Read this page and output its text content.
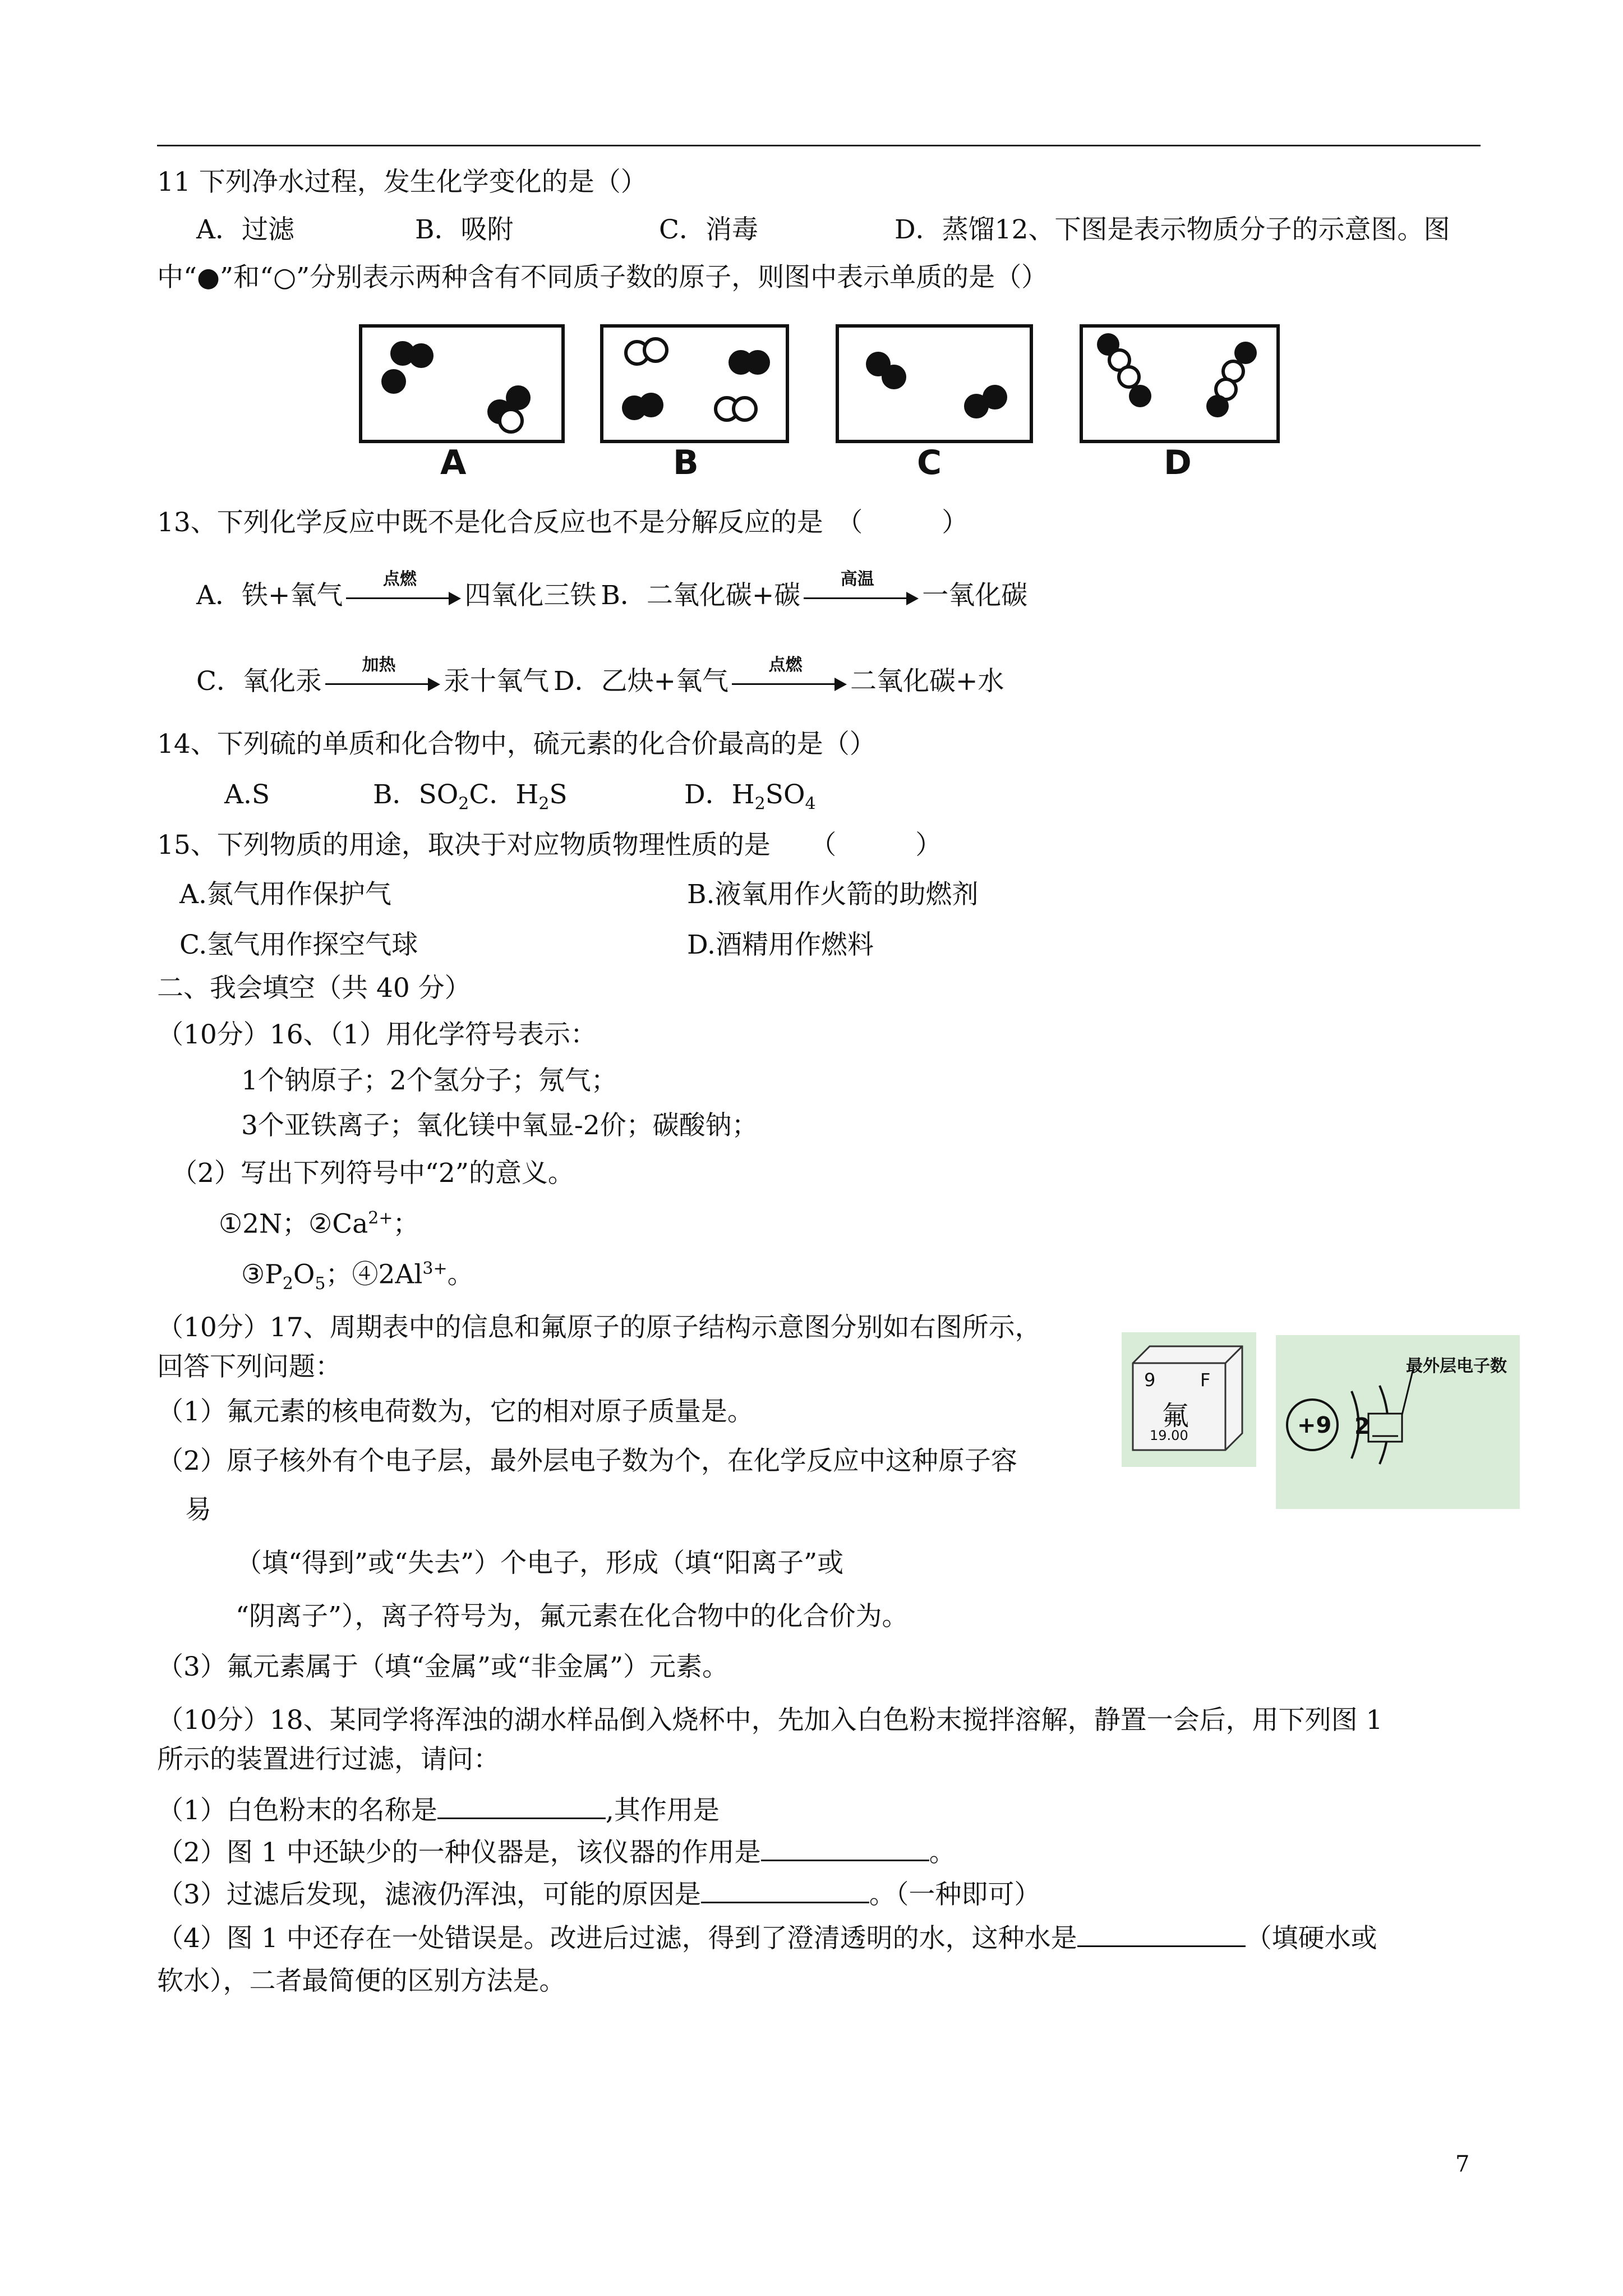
11 下列净水过程，发生化学变化的是（）
A．过滤	B．吸附	C．消毒	D．蒸馏12、下图是表示物质分子的示意图。图
中“●”和“○”分别表示两种含有不同质子数的原子，则图中表示单质的是（）
A	B	C	D
13、下列化学反应中既不是化合反应也不是分解反应的是　（　　　）
A．铁+氧气
点燃
四氧化三铁 B．二氧化碳+碳
高温
一氧化碳
C．氧化汞
加热
汞十氧气 D．乙炔+氧气
点燃
二氧化碳+水
14、下列硫的单质和化合物中，硫元素的化合价最高的是（）
A.S	B．$SO_2C$．$H_2S$	D．$H_2SO_4$
15、下列物质的用途，取决于对应物质物理性质的是　　（　　　）
A.氮气用作保护气	B.液氧用作火箭的助燃剂
C.氢气用作探空气球	D.酒精用作燃料
二、我会填空（共 40 分）
（10分）16、（1）用化学符号表示：
1个钠原子；2个氢分子；氖气；
3个亚铁离子；氧化镁中氧显-2价；碳酸钠；
（2）写出下列符号中“2”的意义。
①2N；$②Ca^{2+}$；
$③P_2O_5$；$④2Al^{3+}$。
（10分）17、周期表中的信息和氟原子的原子结构示意图分别如右图所示，
回答下列问题：
（1）氟元素的核电荷数为，它的相对原子质量是。
（2）原子核外有个电子层，最外层电子数为个，在化学反应中这种原子容
易
（填“得到”或“失去”）个电子，形成（填“阳离子”或
“阴离子”），离子符号为，氟元素在化合物中的化合价为。
（3）氟元素属于（填“金属”或“非金属”）元素。
9 F
氟
19.00	+9 2
最外层电子数
（10分）18、某同学将浑浊的湖水样品倒入烧杯中，先加入白色粉末搅拌溶解，静置一会后，用下列图 1
所示的装置进行过滤，请问：
（1）白色粉末的名称是	,其作用是
（2）图 1 中还缺少的一种仪器是，该仪器的作用是	。
（3）过滤后发现，滤液仍浑浊，可能的原因是	。（一种即可）
（4）图 1 中还存在一处错误是。改进后过滤，得到了澄清透明的水，这种水是	（填硬水或
软水），二者最简便的区别方法是。
7
